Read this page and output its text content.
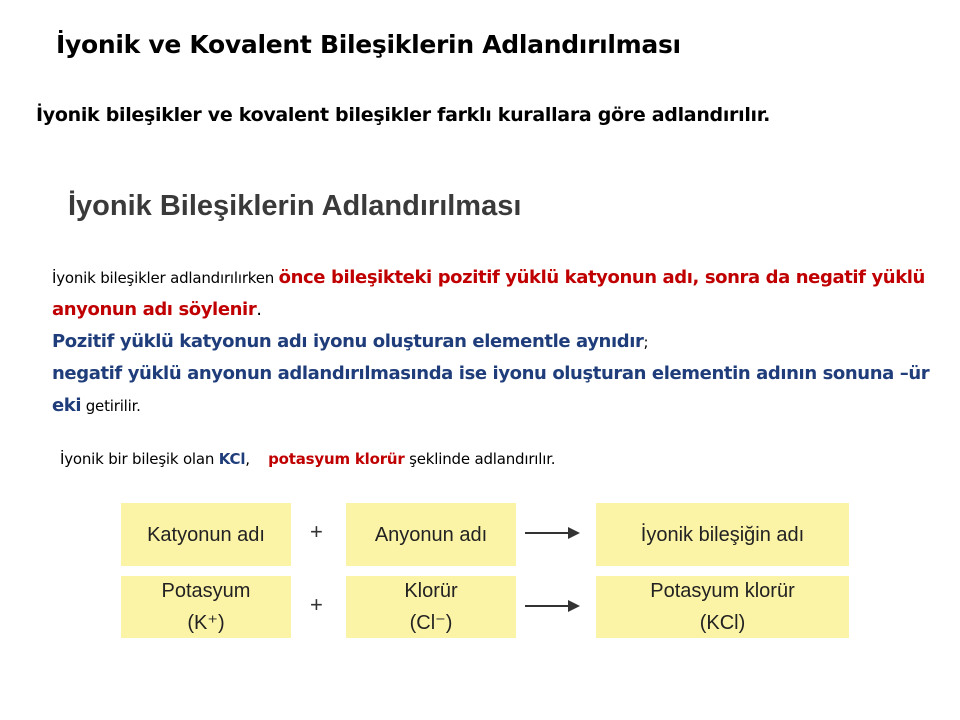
İyonik ve Kovalent Bileşiklerin Adlandırılması

İyonik bileşikler ve kovalent bileşikler farklı kurallara göre adlandırılır.

İyonik Bileşiklerin Adlandırılması

İyonik bileşikler adlandırılırken önce bileşikteki pozitif yüklü katyonun adı, sonra da negatif yüklü anyonun adı söylenir.
Pozitif yüklü katyonun adı iyonu oluşturan elementle aynıdır;
negatif yüklü anyonun adlandırılmasında ise iyonu oluşturan elementin adının sonuna –ür eki getirilir.

İyonik bir bileşik olan KCl, potasyum klorür şeklinde adlandırılır.

Katyonun adı +	Anyonun adı	İyonik bileşiğin adı
Potasyum
(K⁺)
+
Klorür
(Cl⁻)
Potasyum klorür
(KCl)
